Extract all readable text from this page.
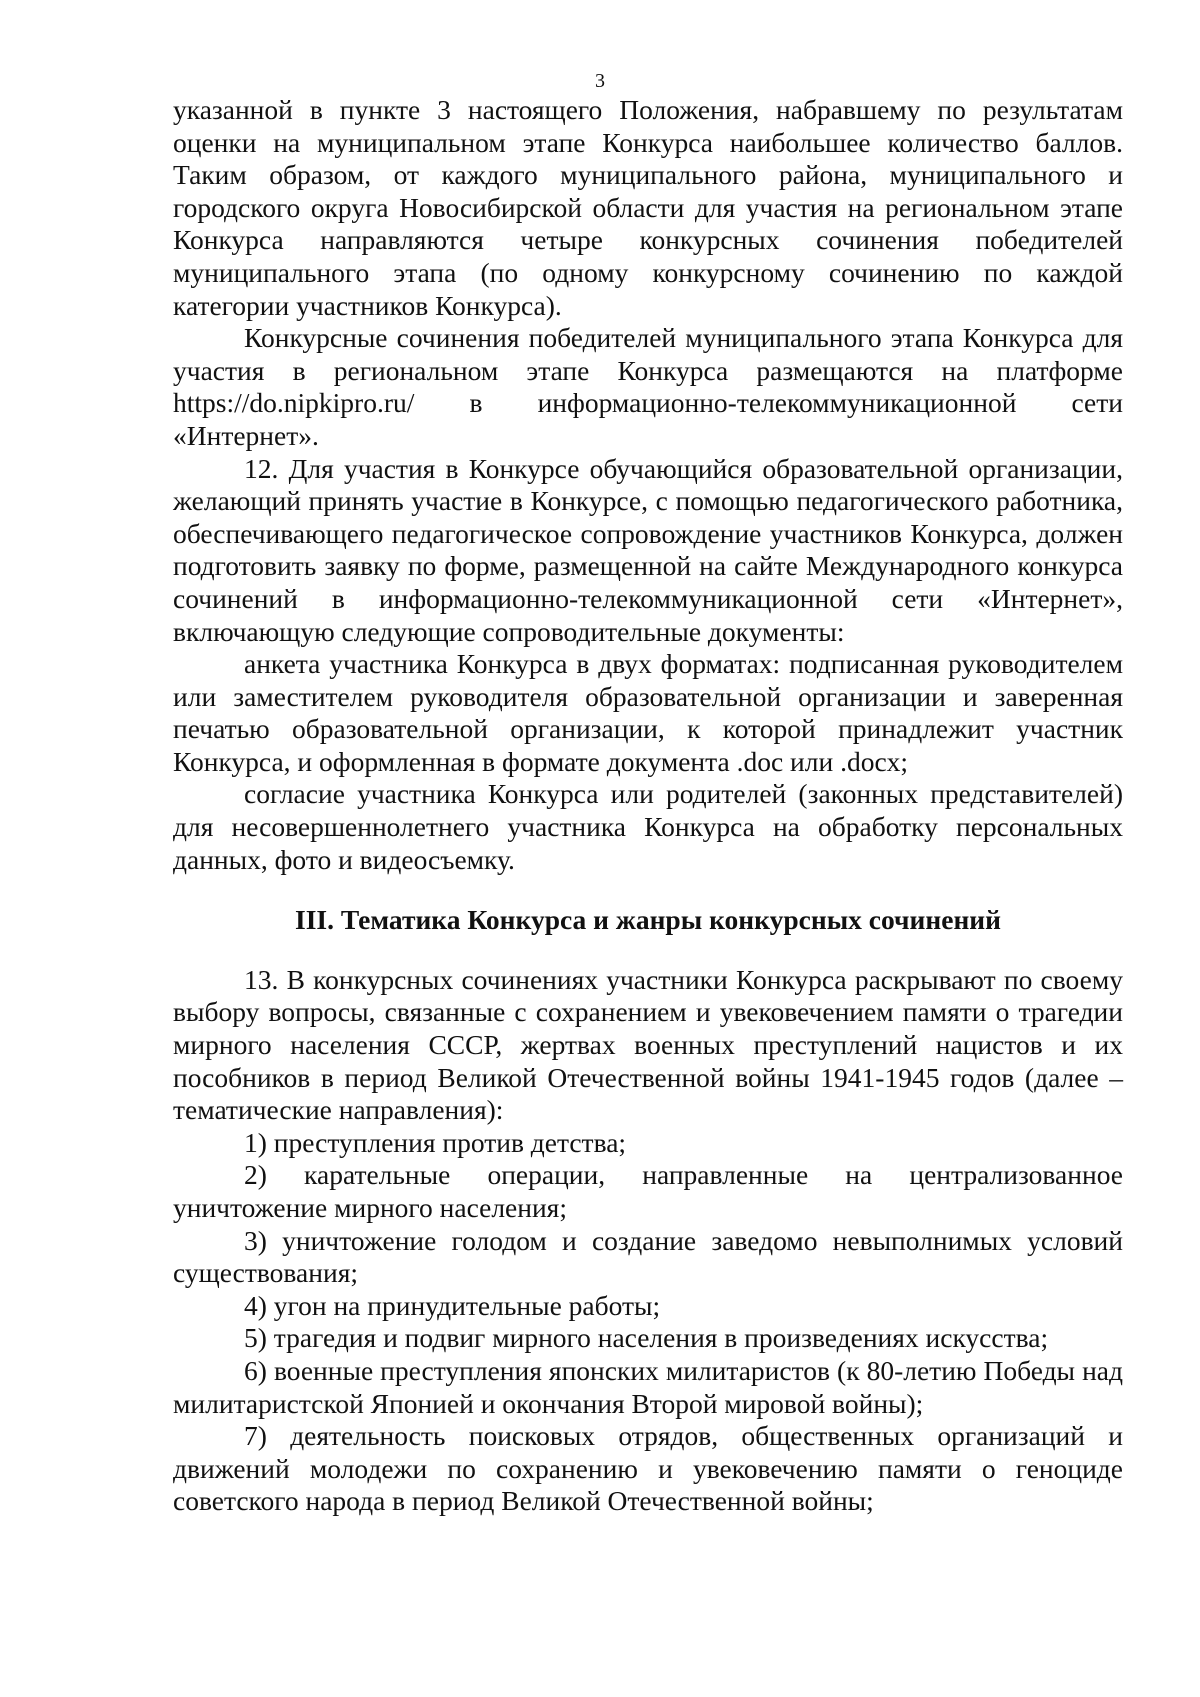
3

указанной в пункте 3 настоящего Положения, набравшему по результатам оценки на муниципальном этапе Конкурса наибольшее количество баллов. Таким образом, от каждого муниципального района, муниципального и городского округа Новосибирской области для участия на региональном этапе Конкурса направляются четыре конкурсных сочинения победителей муниципального этапа (по одному конкурсному сочинению по каждой категории участников Конкурса).

Конкурсные сочинения победителей муниципального этапа Конкурса для участия в региональном этапе Конкурса размещаются на платформе https://do.nipkipro.ru/ в информационно-телекоммуникационной сети «Интернет».

12. Для участия в Конкурсе обучающийся образовательной организации, желающий принять участие в Конкурсе, с помощью педагогического работника, обеспечивающего педагогическое сопровождение участников Конкурса, должен подготовить заявку по форме, размещенной на сайте Международного конкурса сочинений в информационно-телекоммуникационной сети «Интернет», включающую следующие сопроводительные документы:

анкета участника Конкурса в двух форматах: подписанная руководителем или заместителем руководителя образовательной организации и заверенная печатью образовательной организации, к которой принадлежит участник Конкурса, и оформленная в формате документа .doc или .docx;

согласие участника Конкурса или родителей (законных представителей) для несовершеннолетнего участника Конкурса на обработку персональных данных, фото и видеосъемку.

III. Тематика Конкурса и жанры конкурсных сочинений

13. В конкурсных сочинениях участники Конкурса раскрывают по своему выбору вопросы, связанные с сохранением и увековечением памяти о трагедии мирного населения СССР, жертвах военных преступлений нацистов и их пособников в период Великой Отечественной войны 1941-1945 годов (далее – тематические направления):

1) преступления против детства;

2) карательные операции, направленные на централизованное уничтожение мирного населения;

3) уничтожение голодом и создание заведомо невыполнимых условий существования;

4) угон на принудительные работы;

5) трагедия и подвиг мирного населения в произведениях искусства;

6) военные преступления японских милитаристов (к 80-летию Победы над милитаристской Японией и окончания Второй мировой войны);

7) деятельность поисковых отрядов, общественных организаций и движений молодежи по сохранению и увековечению памяти о геноциде советского народа в период Великой Отечественной войны;
